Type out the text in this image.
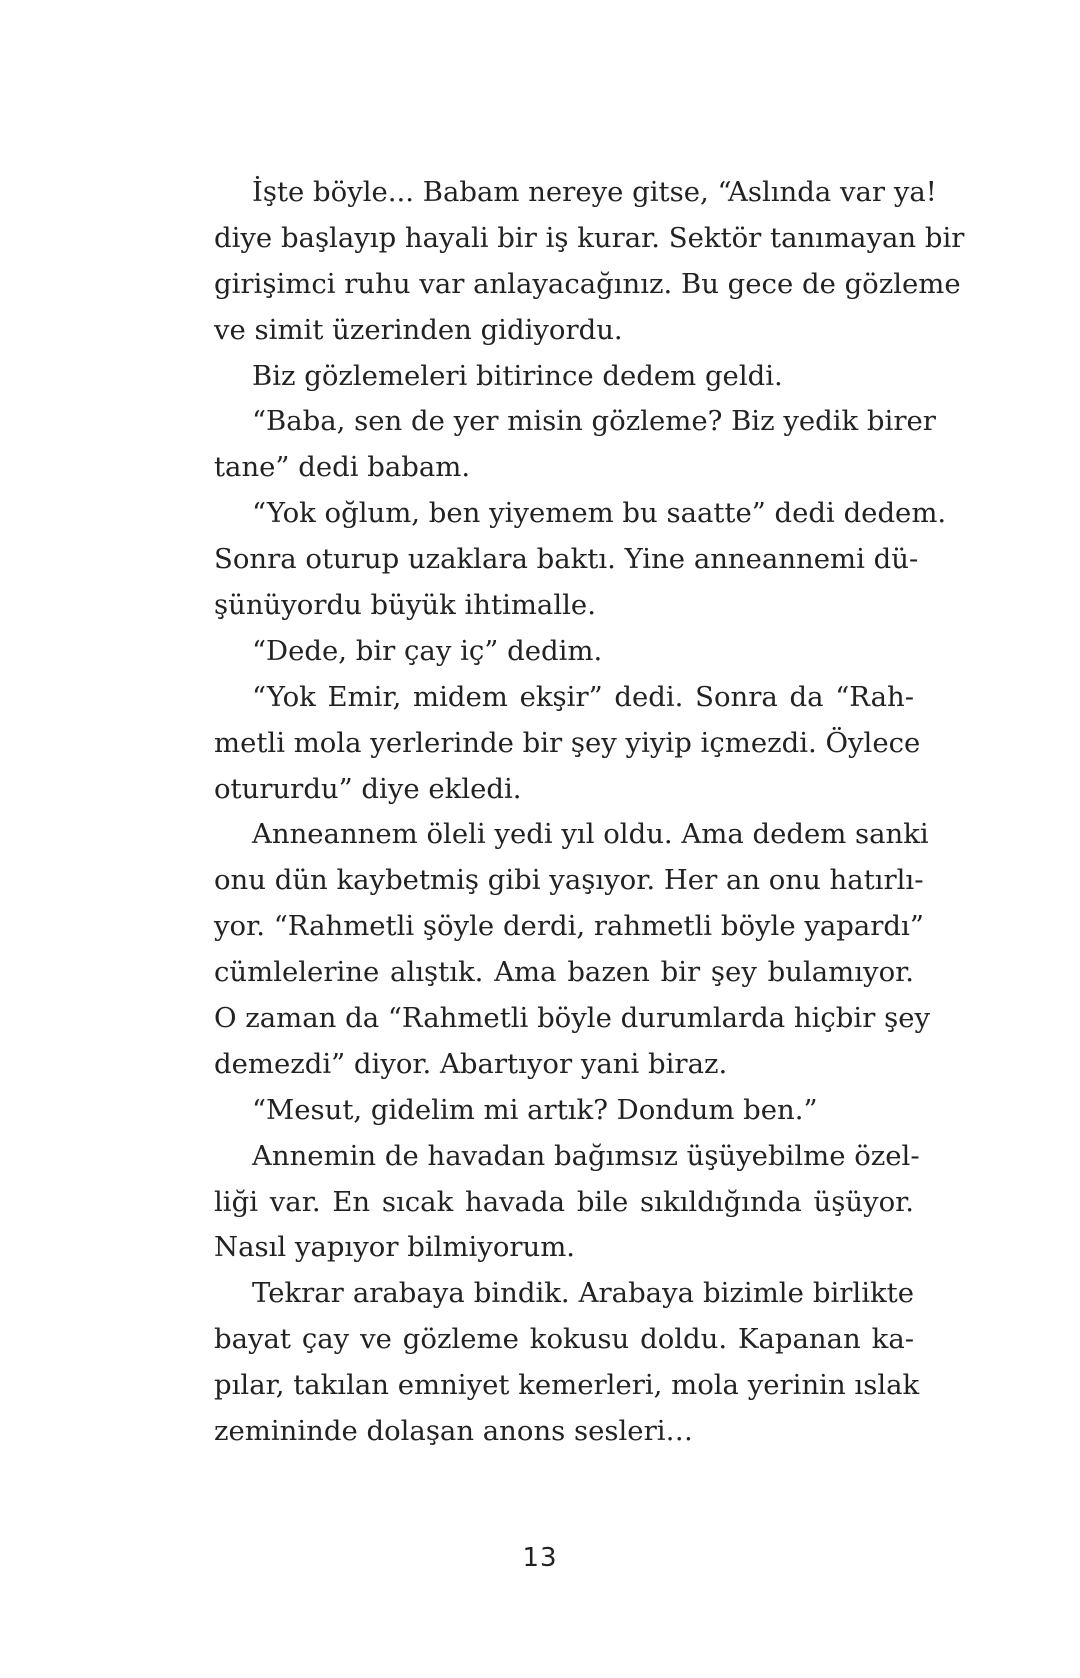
İşte böyle... Babam nereye gitse, “Aslında var ya!
diye başlayıp hayali bir iş kurar. Sektör tanımayan bir
girişimci ruhu var anlayacağınız. Bu gece de gözleme
ve simit üzerinden gidiyordu.
Biz gözlemeleri bitirince dedem geldi.
“Baba, sen de yer misin gözleme? Biz yedik birer
tane” dedi babam.
“Yok oğlum, ben yiyemem bu saatte” dedi dedem.
Sonra oturup uzaklara baktı. Yine anneannemi dü-
şünüyordu büyük ihtimalle.
“Dede, bir çay iç” dedim.
“Yok Emir, midem ekşir” dedi. Sonra da “Rah-
metli mola yerlerinde bir şey yiyip içmezdi. Öylece
otururdu” diye ekledi.
Anneannem öleli yedi yıl oldu. Ama dedem sanki
onu dün kaybetmiş gibi yaşıyor. Her an onu hatırlı-
yor. “Rahmetli şöyle derdi, rahmetli böyle yapardı”
cümlelerine alıştık. Ama bazen bir şey bulamıyor.
O zaman da “Rahmetli böyle durumlarda hiçbir şey
demezdi” diyor. Abartıyor yani biraz.
“Mesut, gidelim mi artık? Dondum ben.”
Annemin de havadan bağımsız üşüyebilme özel-
liği var. En sıcak havada bile sıkıldığında üşüyor.
Nasıl yapıyor bilmiyorum.
Tekrar arabaya bindik. Arabaya bizimle birlikte
bayat çay ve gözleme kokusu doldu. Kapanan ka-
pılar, takılan emniyet kemerleri, mola yerinin ıslak
zemininde dolaşan anons sesleri…
13
